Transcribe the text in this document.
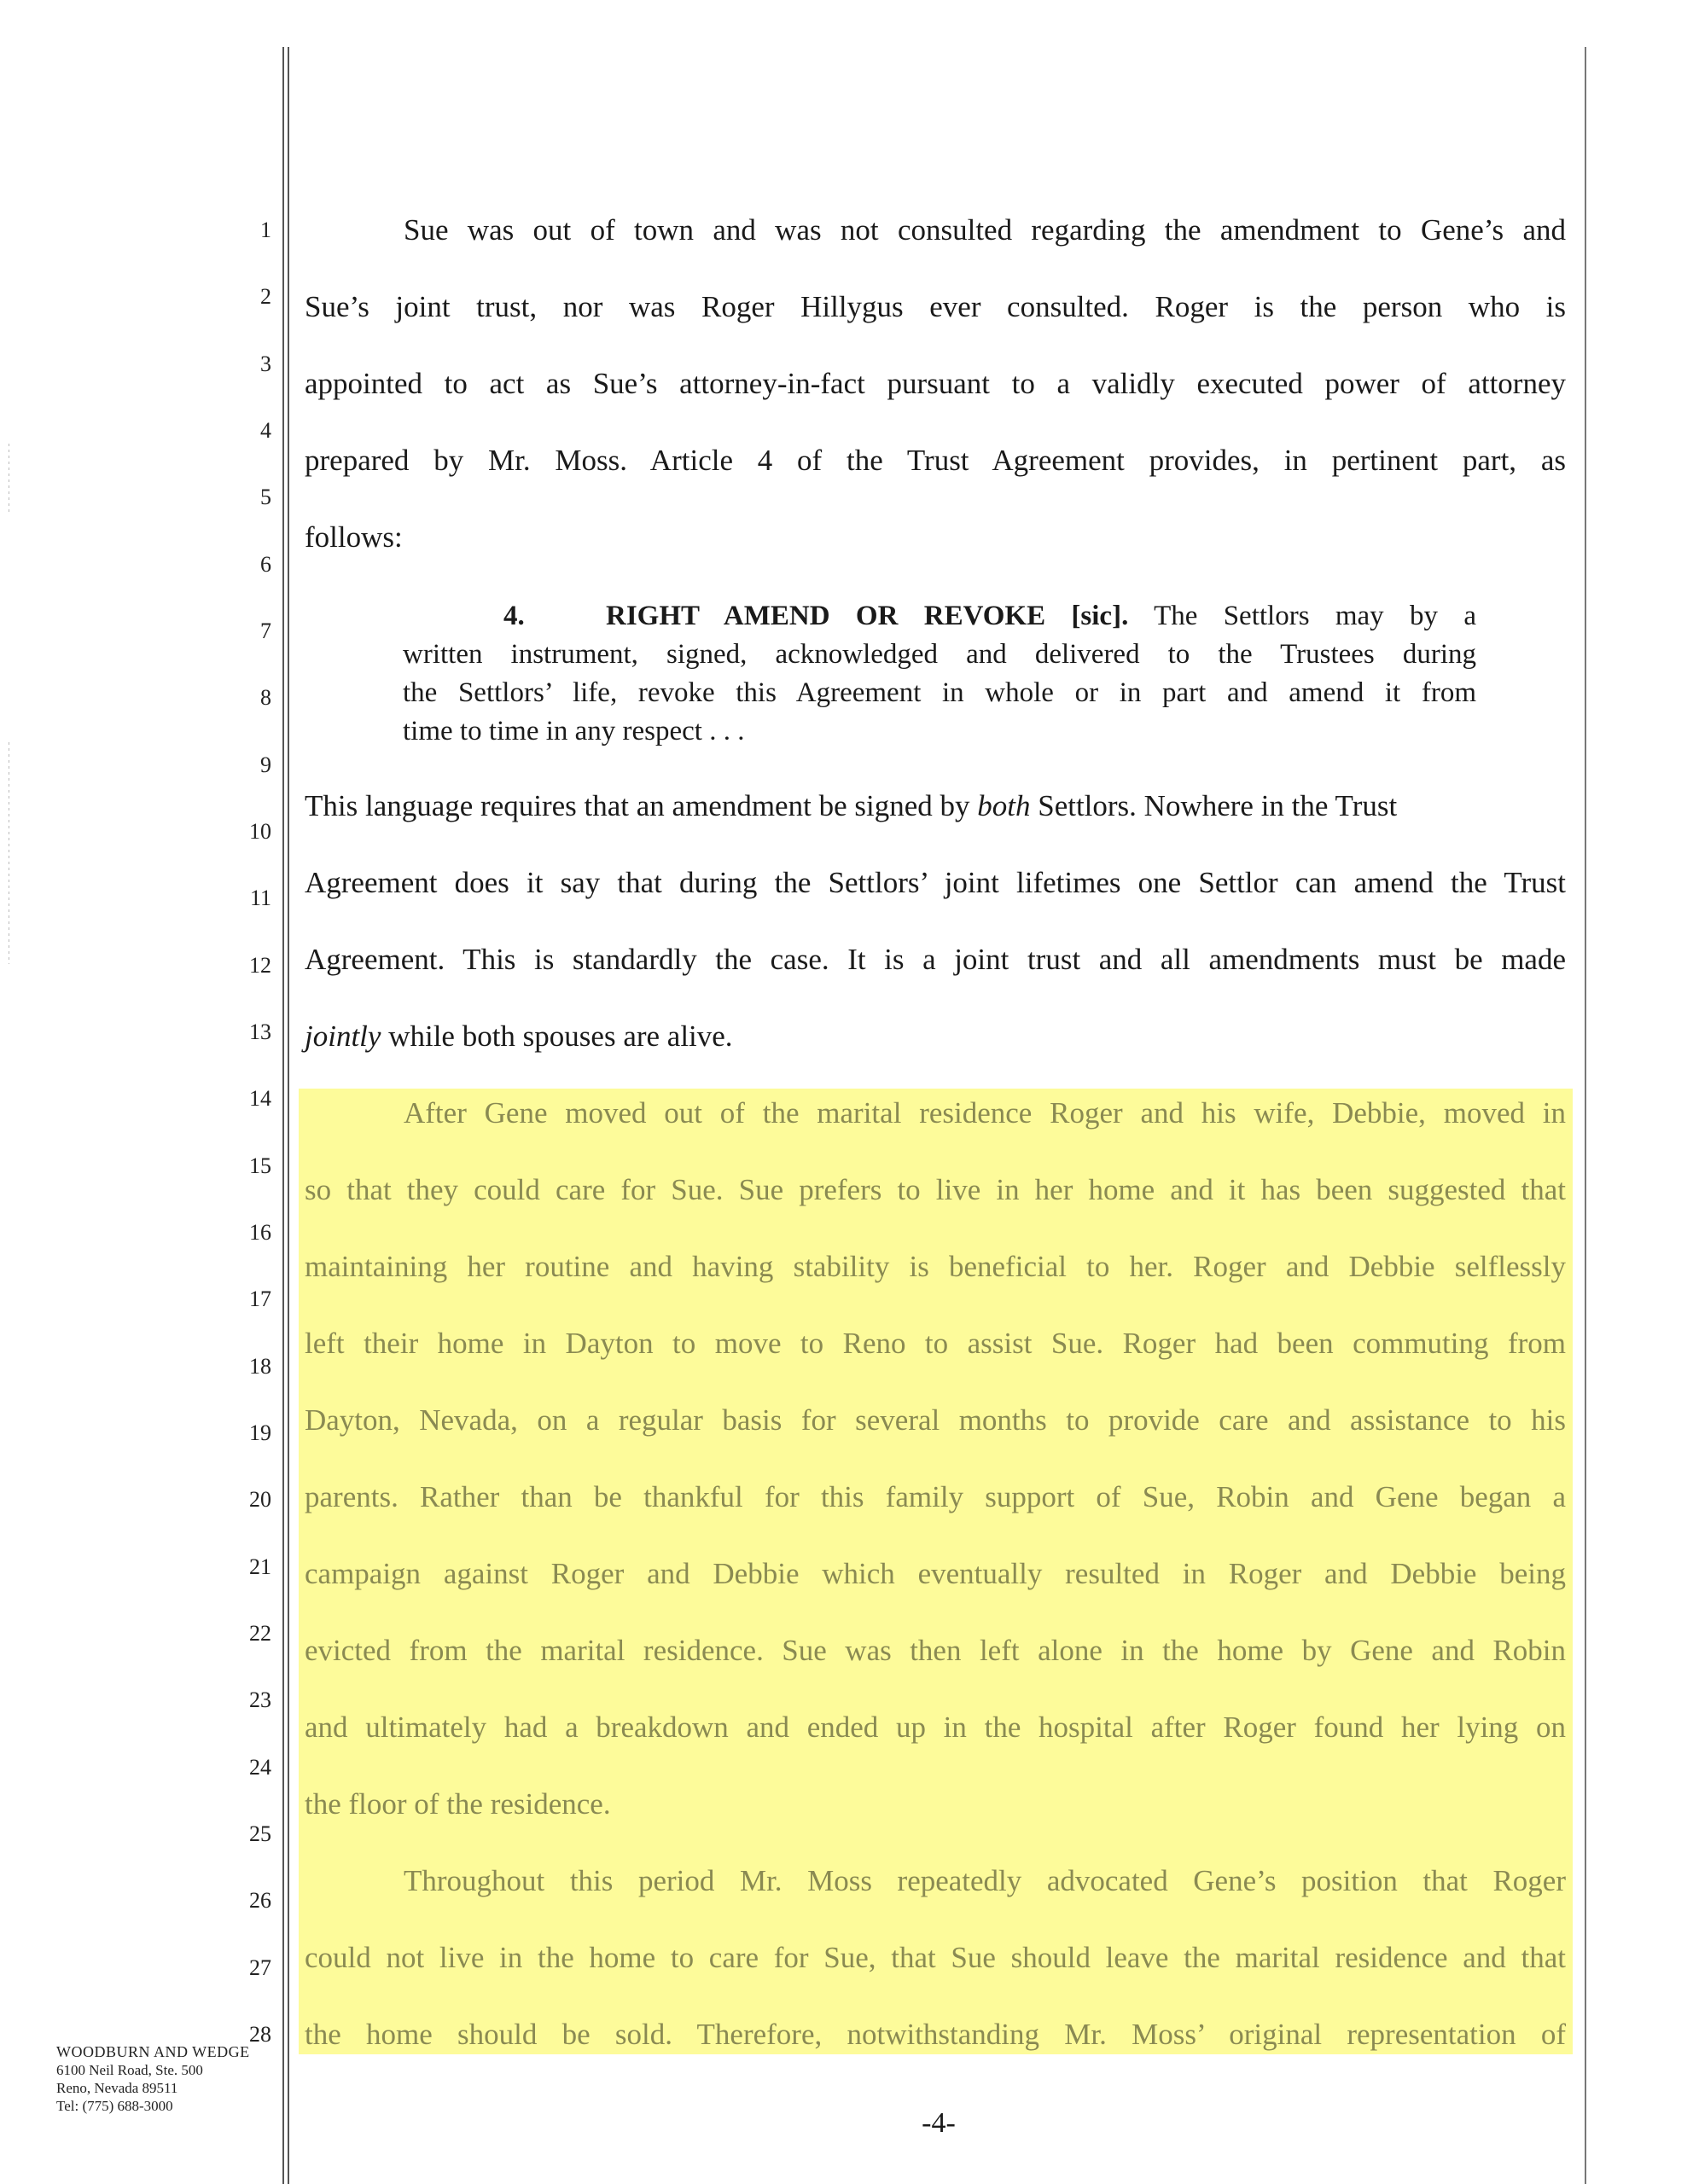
1
2
3
4
5
6
7
8
9
10
11
12
13
14
15
16
17
18
19
20
21
22
23
24
25
26
27
28
Sue was out of town and was not consulted regarding the amendment to Gene’s and
Sue’s joint trust, nor was Roger Hillygus ever consulted. Roger is the person who is
appointed to act as Sue’s attorney-in-fact pursuant to a validly executed power of attorney
prepared by Mr. Moss. Article 4 of the Trust Agreement provides, in pertinent part, as
follows:
4.	RIGHT AMEND OR REVOKE [sic]. The Settlors may by a
written instrument, signed, acknowledged and delivered to the Trustees during
the Settlors’ life, revoke this Agreement in whole or in part and amend it from
time to time in any respect . . .
This language requires that an amendment be signed by both Settlors. Nowhere in the Trust
Agreement does it say that during the Settlors’ joint lifetimes one Settlor can amend the Trust
Agreement. This is standardly the case. It is a joint trust and all amendments must be made
jointly while both spouses are alive.
After Gene moved out of the marital residence Roger and his wife, Debbie, moved in
so that they could care for Sue. Sue prefers to live in her home and it has been suggested that
maintaining her routine and having stability is beneficial to her. Roger and Debbie selflessly
left their home in Dayton to move to Reno to assist Sue. Roger had been commuting from
Dayton, Nevada, on a regular basis for several months to provide care and assistance to his
parents. Rather than be thankful for this family support of Sue, Robin and Gene began a
campaign against Roger and Debbie which eventually resulted in Roger and Debbie being
evicted from the marital residence. Sue was then left alone in the home by Gene and Robin
and ultimately had a breakdown and ended up in the hospital after Roger found her lying on
the floor of the residence.
Throughout this period Mr. Moss repeatedly advocated Gene’s position that Roger
could not live in the home to care for Sue, that Sue should leave the marital residence and that
the home should be sold. Therefore, notwithstanding Mr. Moss’ original representation of
WOODBURN AND WEDGE
6100 Neil Road, Ste. 500
Reno, Nevada 89511
Tel: (775) 688-3000
-4-
